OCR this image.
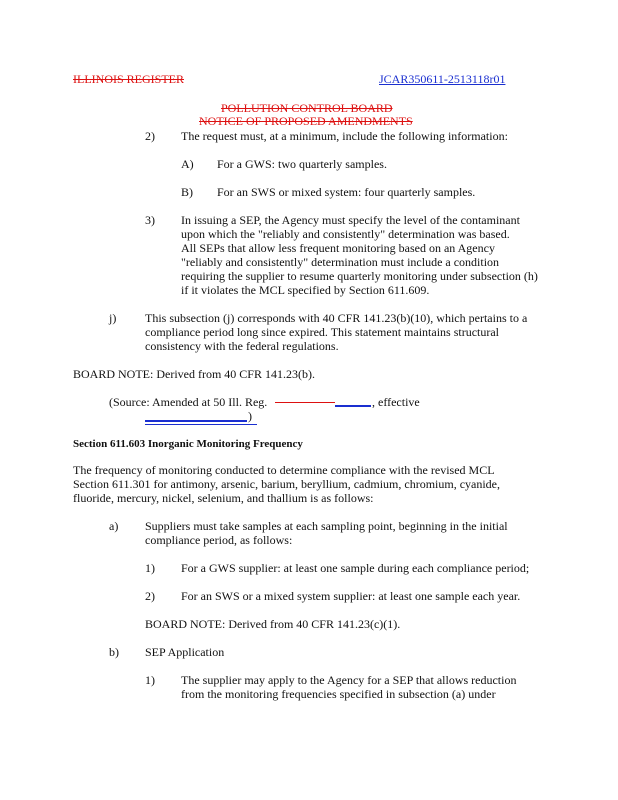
ILLINOIS REGISTER	JCAR350611-2513118r01
POLLUTION CONTROL BOARD
NOTICE OF PROPOSED AMENDMENTS
2) The request must, at a minimum, include the following information:
A) For a GWS: two quarterly samples.
B) For an SWS or mixed system: four quarterly samples.
3) In issuing a SEP, the Agency must specify the level of the contaminant
upon which the "reliably and consistently" determination was based.
All SEPs that allow less frequent monitoring based on an Agency
"reliably and consistently" determination must include a condition
requiring the supplier to resume quarterly monitoring under subsection (h)
if it violates the MCL specified by Section 611.609.
j) This subsection (j) corresponds with 40 CFR 141.23(b)(10), which pertains to a
compliance period long since expired. This statement maintains structural
consistency with the federal regulations.
BOARD NOTE: Derived from 40 CFR 141.23(b).
(Source: Amended at 50 Ill. Reg.	, effective
)
Section 611.603 Inorganic Monitoring Frequency
The frequency of monitoring conducted to determine compliance with the revised MCL
Section 611.301 for antimony, arsenic, barium, beryllium, cadmium, chromium, cyanide,
fluoride, mercury, nickel, selenium, and thallium is as follows:
a) Suppliers must take samples at each sampling point, beginning in the initial
compliance period, as follows:
1) For a GWS supplier: at least one sample during each compliance period;
2) For an SWS or a mixed system supplier: at least one sample each year.
BOARD NOTE: Derived from 40 CFR 141.23(c)(1).
b) SEP Application
1) The supplier may apply to the Agency for a SEP that allows reduction
from the monitoring frequencies specified in subsection (a) under
